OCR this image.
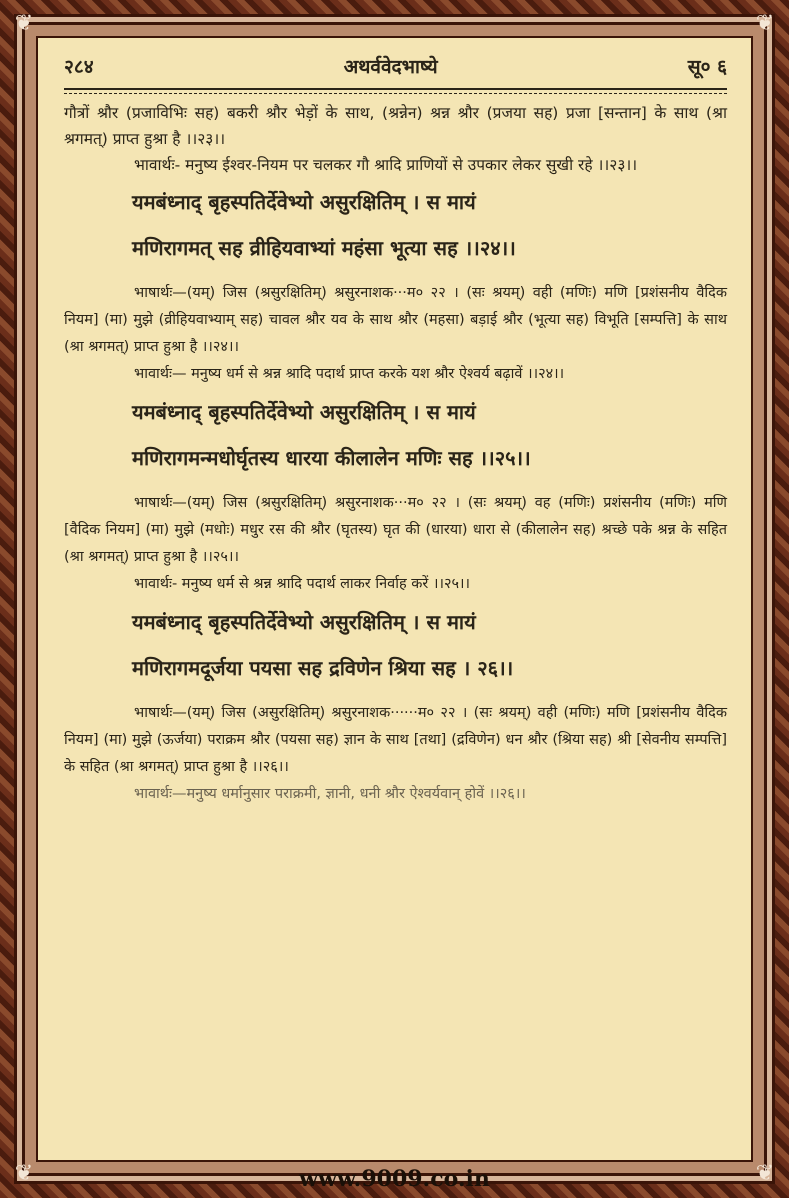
❦	❦
❦	❦
२८४	अथर्ववेदभाष्ये	सू० ६

गौत्रों श्रौर (प्रजाविभिः सह) बकरी श्रौर भेड़ों के साथ, (श्रन्नेन) श्रन्न श्रौर (प्रजया सह) प्रजा [सन्तान] के साथ (श्रा श्रगमत्) प्राप्त हुश्रा है ।।२३।।

भावार्थः- मनुष्य ईश्वर-नियम पर चलकर गौ श्रादि प्राणियों से उपकार लेकर सुखी रहे ।।२३।।

यमबंध्नाद् बृहस्पतिर्देवेभ्यो असुरक्षितिम् । स मायं

मणिरागमत् सह व्रीहियवाभ्यां महंसा भूत्या सह ।।२४।।

भाषार्थः—(यम्) जिस (श्रसुरक्षितिम्) श्रसुरनाशक···म० २२ । (सः श्रयम्) वही (मणिः) मणि [प्रशंसनीय वैदिक नियम] (मा) मुझे (व्रीहियवाभ्याम् सह) चावल श्रौर यव के साथ श्रौर (महसा) बड़ाई श्रौर (भूत्या सह) विभूति [सम्पत्ति] के साथ (श्रा श्रगमत्) प्राप्त हुश्रा है ।।२४।।

भावार्थः— मनुष्य धर्म से श्रन्न श्रादि पदार्थ प्राप्त करके यश श्रौर ऐश्वर्य बढ़ावें ।।२४।।

यमबंध्नाद् बृहस्पतिर्देवेभ्यो असुरक्षितिम् । स मायं

मणिरागमन्मधोर्घृतस्य धारया कीलालेन मणिः सह ।।२५।।

भाषार्थः—(यम्) जिस (श्रसुरक्षितिम्) श्रसुरनाशक···म० २२ । (सः श्रयम्) वह (मणिः) प्रशंसनीय (मणिः) मणि [वैदिक नियम] (मा) मुझे (मधोः) मधुर रस की श्रौर (घृतस्य) घृत की (धारया) धारा से (कीलालेन सह) श्रच्छे पके श्रन्न के सहित (श्रा श्रगमत्) प्राप्त हुश्रा है ।।२५।।

भावार्थः- मनुष्य धर्म से श्रन्न श्रादि पदार्थ लाकर निर्वाह करें ।।२५।।

यमबंध्नाद् बृहस्पतिर्देवेभ्यो असुरक्षितिम् । स मायं

मणिरागमदूर्जया पयसा सह द्रविणेन श्रिया सह । २६।।

भाषार्थः—(यम्) जिस (असुरक्षितिम्) श्रसुरनाशक······म० २२ । (सः श्रयम्) वही (मणिः) मणि [प्रशंसनीय वैदिक नियम] (मा) मुझे (ऊर्जया) पराक्रम श्रौर (पयसा सह) ज्ञान के साथ [तथा] (द्रविणेन) धन श्रौर (श्रिया सह) श्री [सेवनीय सम्पत्ति] के सहित (श्रा श्रगमत्) प्राप्त हुश्रा है ।।२६।।

भावार्थः—मनुष्य धर्मानुसार पराक्रमी, ज्ञानी, धनी श्रौर ऐश्वर्यवान् होवें ।।२६।।

www.9009.co.in
